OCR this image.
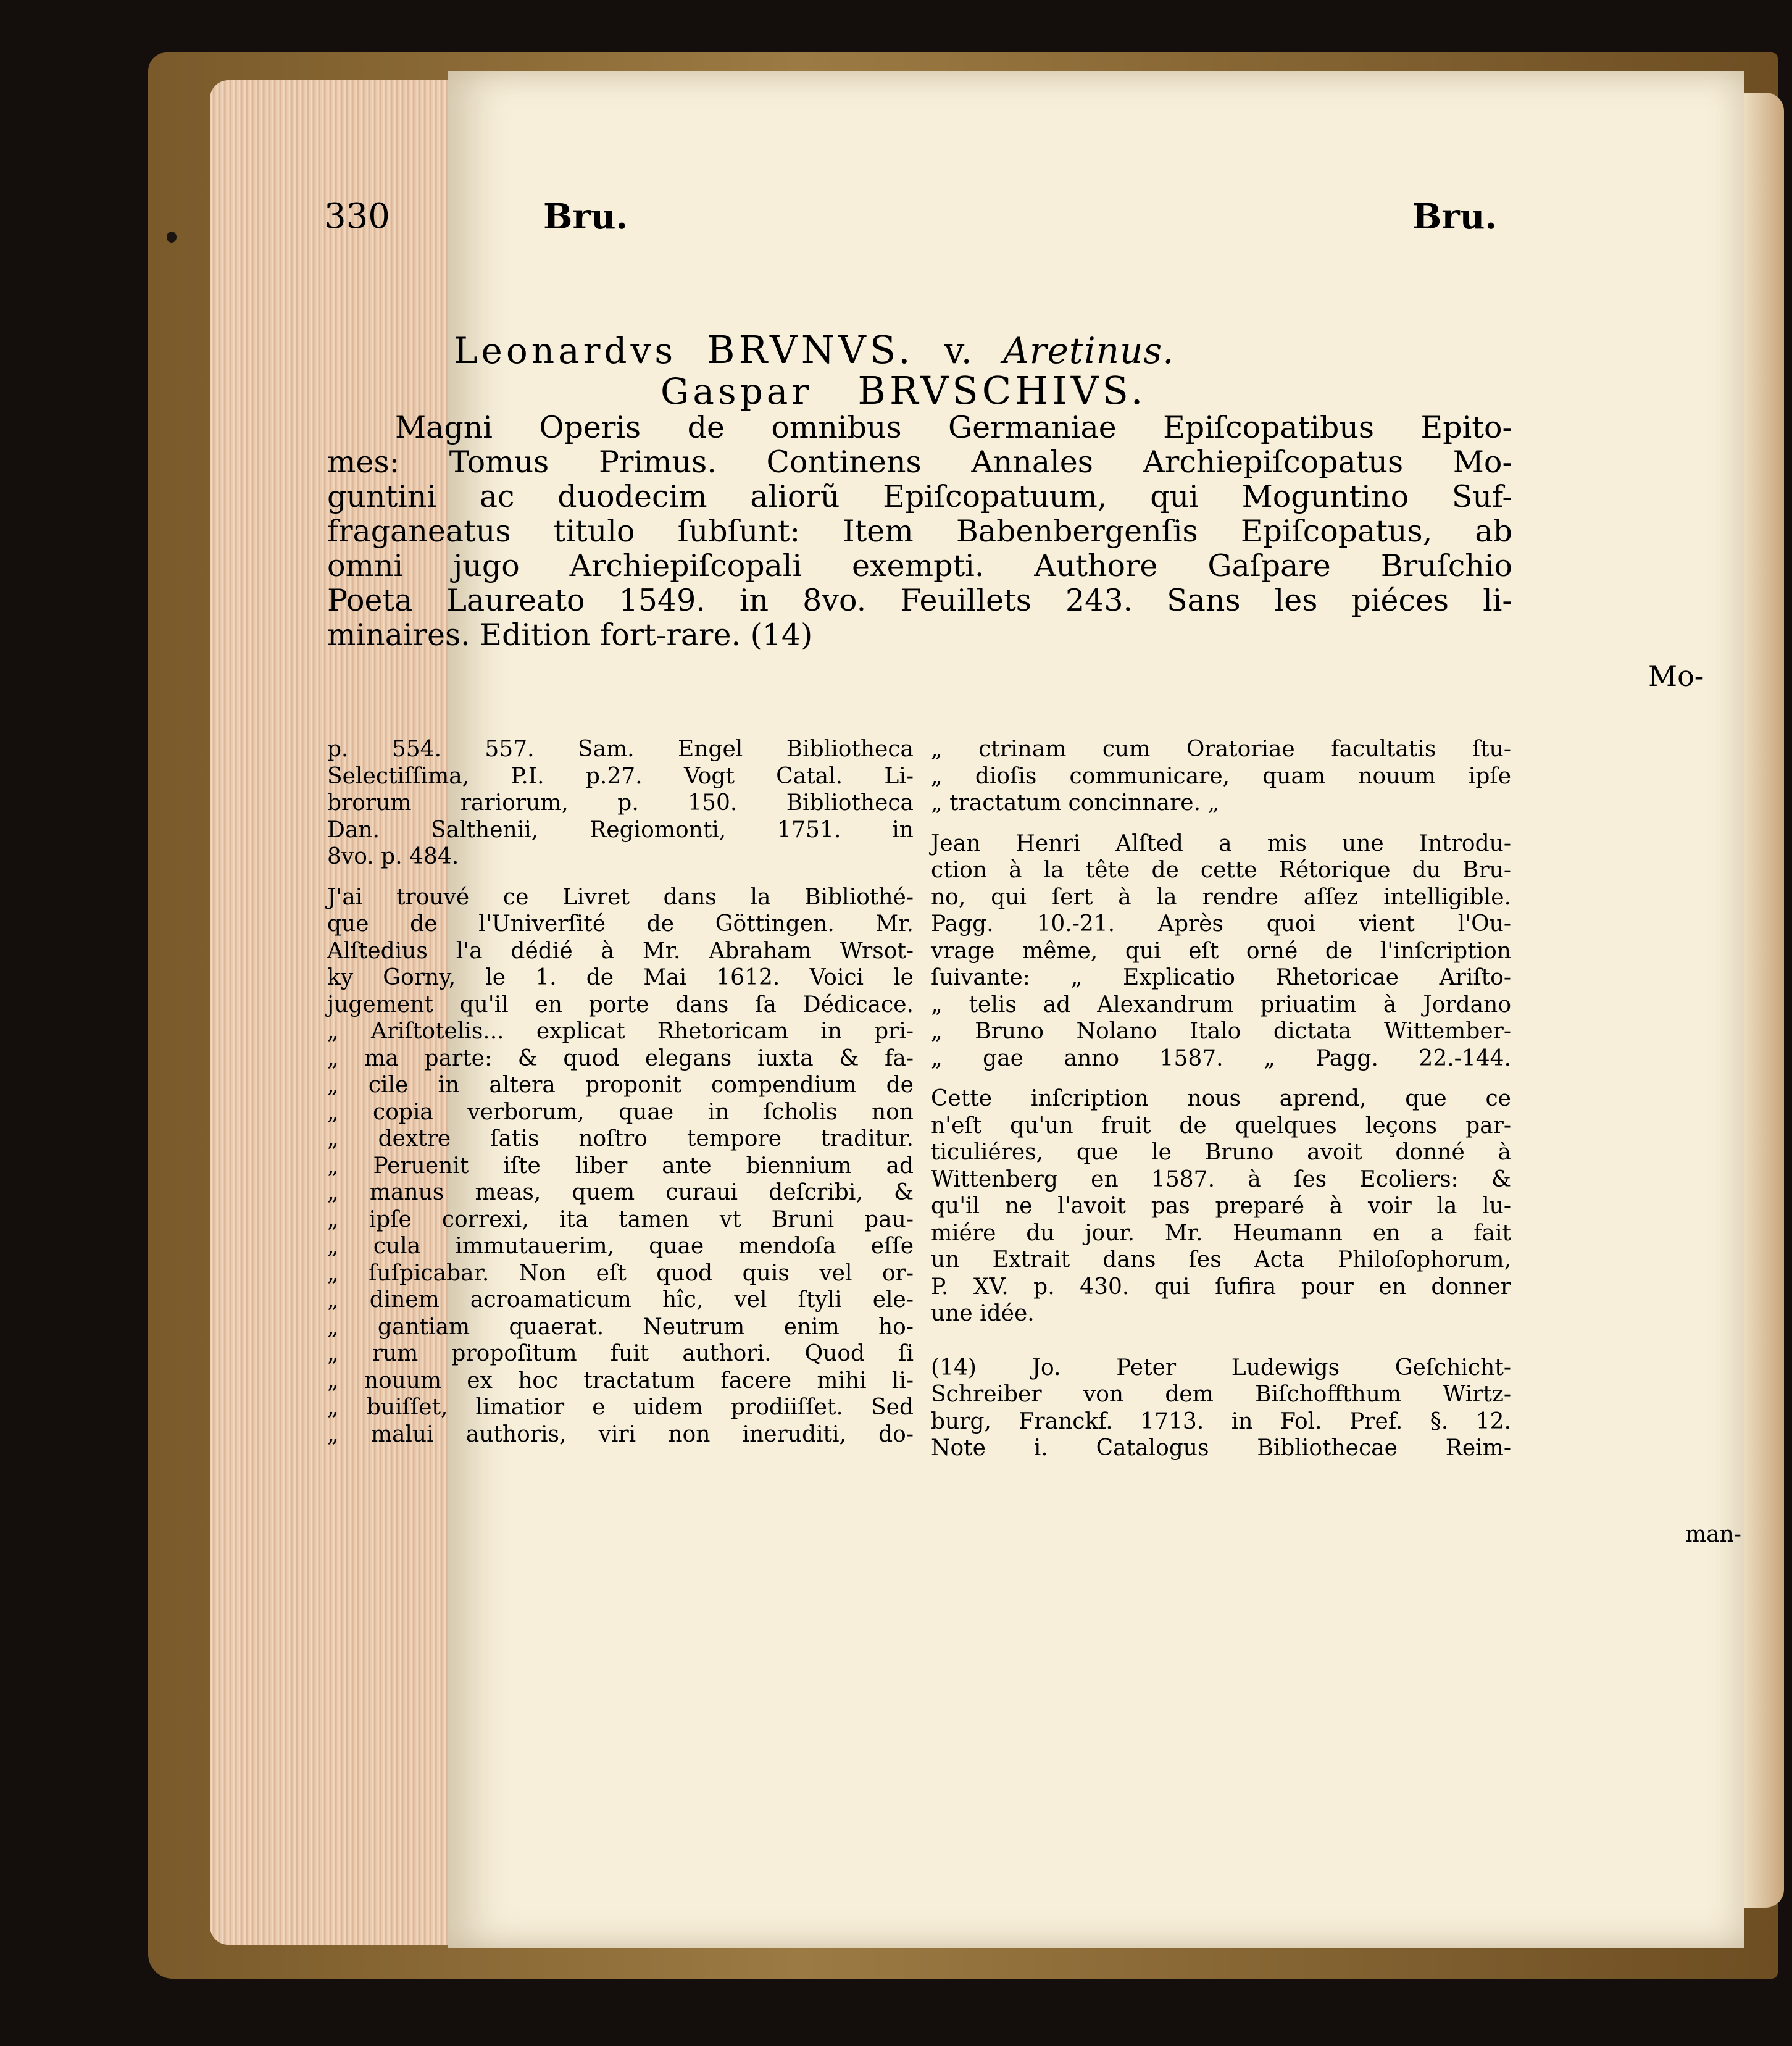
330	Bru.	Bru.
Leonardvs BRVNVS. v. Aretinus.
Gaspar BRVSCHIVS.
Magni Operis de omnibus Germaniae Epiſcopatibus Epito-
mes: Tomus Primus. Continens Annales Archiepiſcopatus Mo-
guntini ac duodecim aliorũ Epiſcopatuum, qui Moguntino Suf-
fraganeatus titulo ſubſunt: Item Babenbergenſis Epiſcopatus, ab
omni jugo Archiepiſcopali exempti. Authore Gaſpare Bruſchio
Poeta Laureato 1549. in 8vo. Feuillets 243. Sans les piéces li-
minaires. Edition fort-rare. (14)
Mo-
p. 554. 557. Sam. Engel Bibliotheca
Selectiſſima, P.I. p.27. Vogt Catal. Li-
brorum rariorum, p. 150. Bibliotheca
Dan. Salthenii, Regiomonti, 1751. in
8vo. p. 484.
J'ai trouvé ce Livret dans la Bibliothé-
que de l'Univerſité de Göttingen. Mr.
Alſtedius l'a dédié à Mr. Abraham Wrsot-
ky Gorny, le 1. de Mai 1612. Voici le
jugement qu'il en porte dans ſa Dédicace.
„ Ariſtotelis... explicat Rhetoricam in pri-
„ ma parte: & quod elegans iuxta & fa-
„ cile in altera proponit compendium de
„ copia verborum, quae in ſcholis non
„ dextre ſatis noſtro tempore traditur.
„ Peruenit iſte liber ante biennium ad
„ manus meas, quem curaui deſcribi, &
„ ipſe correxi, ita tamen vt Bruni pau-
„ cula immutauerim, quae mendoſa eſſe
„ ſuſpicabar. Non eſt quod quis vel or-
„ dinem acroamaticum hîc, vel ſtyli ele-
„ gantiam quaerat. Neutrum enim ho-
„ rum propoſitum fuit authori. Quod ſi
„ nouum ex hoc tractatum facere mihi li-
„ buiſſet, limatior e uidem prodiiſſet. Sed
„ malui authoris, viri non ineruditi, do-
„ ctrinam cum Oratoriae facultatis ſtu-
„ dioſis communicare, quam nouum ipſe
„ tractatum concinnare. „
Jean Henri Alſted a mis une Introdu-
ction à la tête de cette Rétorique du Bru-
no, qui ſert à la rendre aſſez intelligible.
Pagg. 10.-21. Après quoi vient l'Ou-
vrage même, qui eſt orné de l'inſcription
ſuivante: „ Explicatio Rhetoricae Ariſto-
„ telis ad Alexandrum priuatim à Jordano
„ Bruno Nolano Italo dictata Wittember-
„ gae anno 1587. „ Pagg. 22.-144.
Cette inſcription nous aprend, que ce
n'eſt qu'un fruit de quelques leçons par-
ticuliéres, que le Bruno avoit donné à
Wittenberg en 1587. à ſes Ecoliers: &
qu'il ne l'avoit pas preparé à voir la lu-
miére du jour. Mr. Heumann en a fait
un Extrait dans ſes Acta Philoſophorum,
P. XV. p. 430. qui ſufira pour en donner
une idée.
(14) Jo. Peter Ludewigs Geſchicht-
Schreiber von dem Biſchoffthum Wirtz-
burg, Franckf. 1713. in Fol. Pref. §. 12.
Note i. Catalogus Bibliothecae Reim-
man-
